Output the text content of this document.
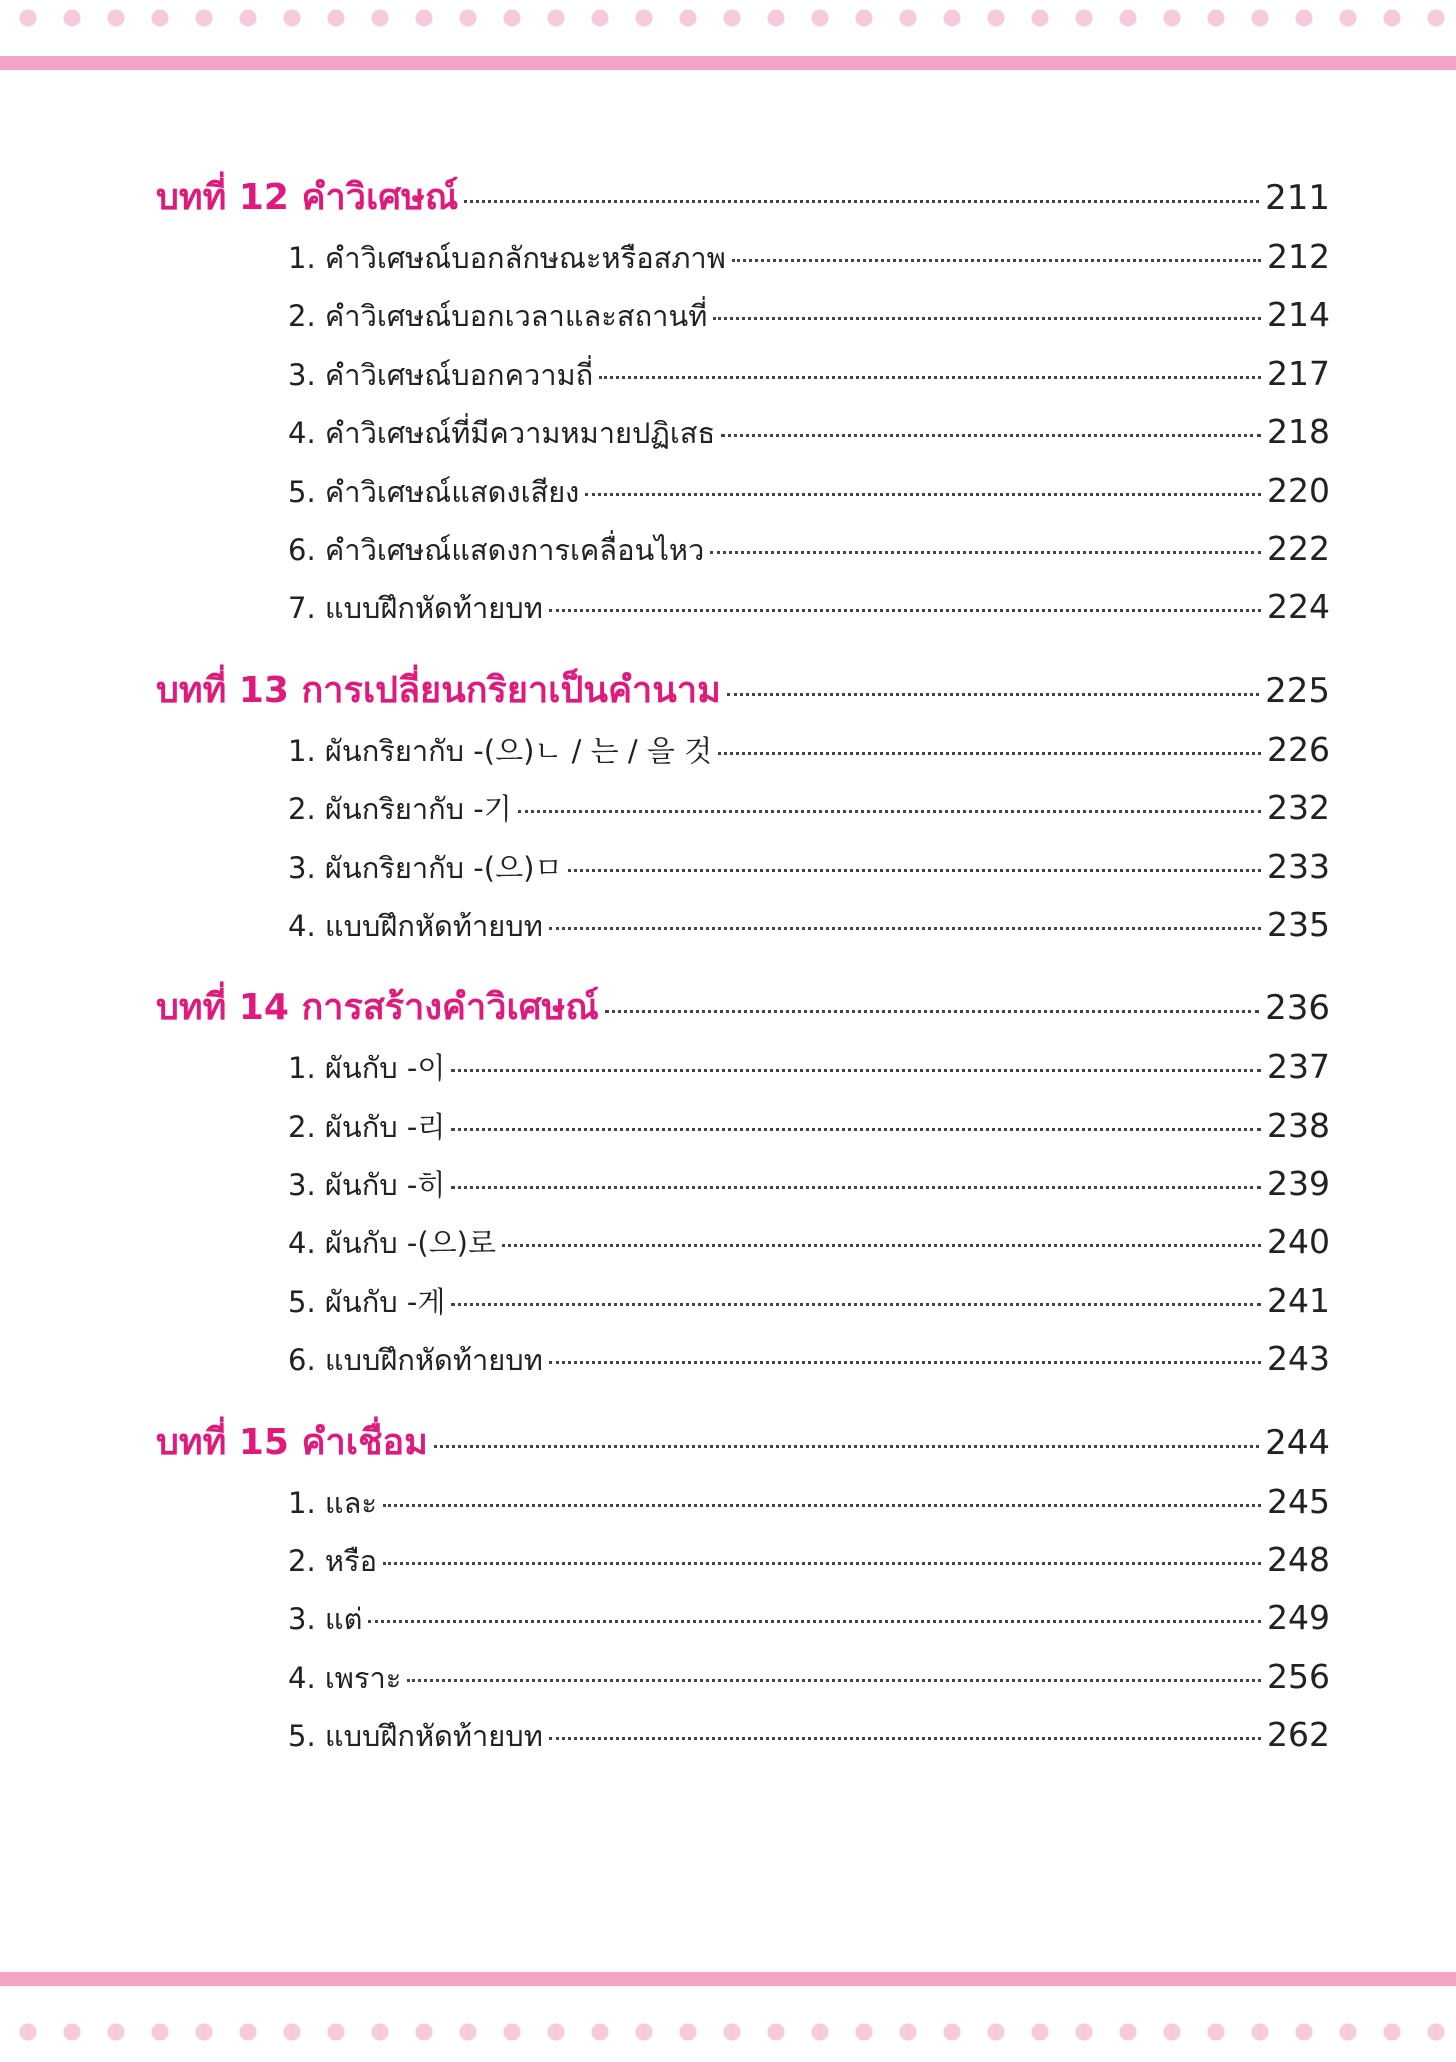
บทที่ 12 คำวิเศษณ์	211
1. คำวิเศษณ์บอกลักษณะหรือสภาพ	212
2. คำวิเศษณ์บอกเวลาและสถานที่	214
3. คำวิเศษณ์บอกความถี่	217
4. คำวิเศษณ์ที่มีความหมายปฏิเสธ	218
5. คำวิเศษณ์แสดงเสียง	220
6. คำวิเศษณ์แสดงการเคลื่อนไหว	222
7. แบบฝึกหัดท้ายบท	224
บทที่ 13 การเปลี่ยนกริยาเป็นคำนาม	225
1. ผันกริยากับ -(으)ㄴ / 는 / 을 것	226
2. ผันกริยากับ -기	232
3. ผันกริยากับ -(으)ㅁ	233
4. แบบฝึกหัดท้ายบท	235
บทที่ 14 การสร้างคำวิเศษณ์	236
1. ผันกับ -이	237
2. ผันกับ -리	238
3. ผันกับ -히	239
4. ผันกับ -(으)로	240
5. ผันกับ -게	241
6. แบบฝึกหัดท้ายบท	243
บทที่ 15 คำเชื่อม	244
1. และ	245
2. หรือ	248
3. แต่	249
4. เพราะ	256
5. แบบฝึกหัดท้ายบท	262
